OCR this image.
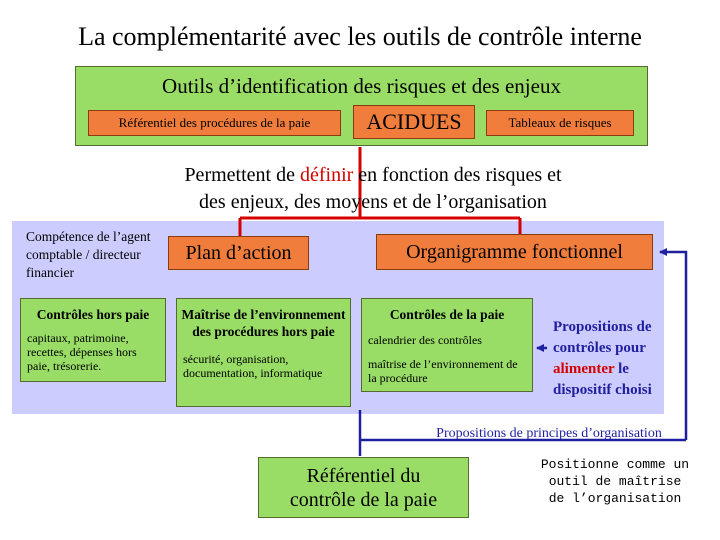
La complémentarité avec les outils de contrôle interne
Outils d’identification des risques et des enjeux
Référentiel des procédures de la paie	ACIDUES	Tableaux de risques
Permettent de définir en fonction des risques et
des enjeux, des moyens et de l’organisation
Compétence de l’agent comptable / directeur financier
Plan d’action	Organigramme fonctionnel
Contrôles hors paie
capitaux, patrimoine, recettes, dépenses hors paie, trésorerie.
Maîtrise de l’environnement des procédures hors paie
sécurité, organisation, documentation, informatique
Contrôles de la paie
calendrier des contrôles
maîtrise de l’environnement de la procédure
Propositions de contrôles pour alimenter le dispositif choisi
Propositions de principes d’organisation
Référentiel du
contrôle de la paie
Positionne comme un outil de maîtrise de l’organisation
